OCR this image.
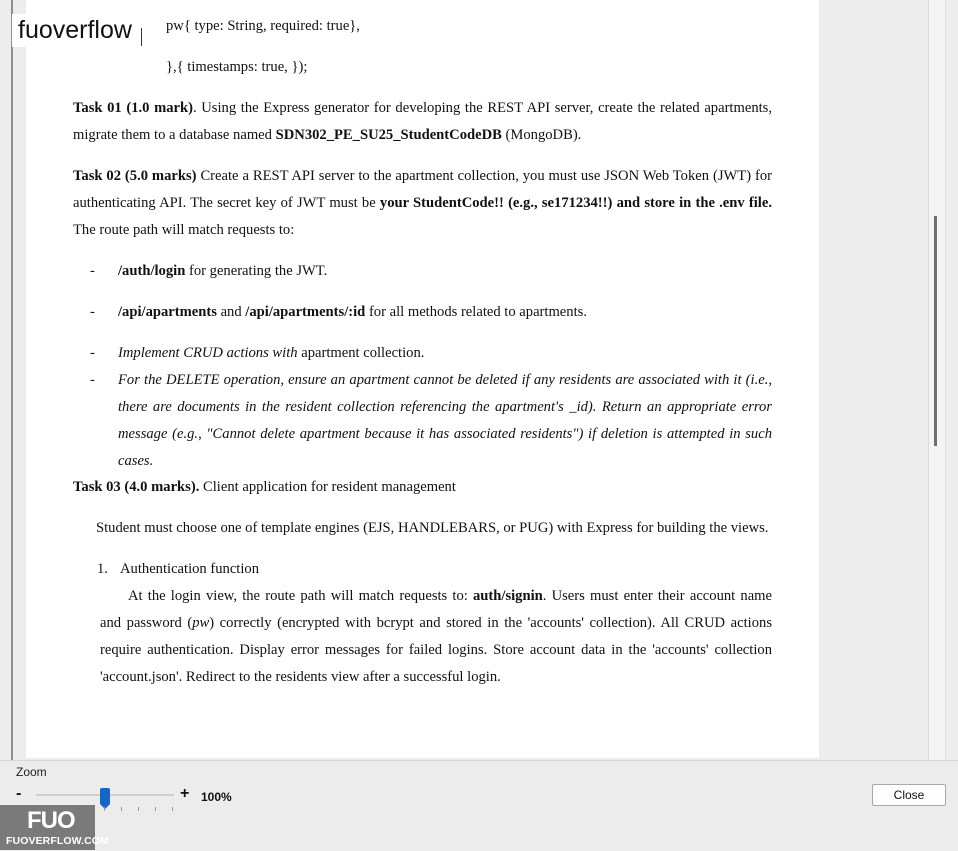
pw{ type: String, required: true},
},{ timestamps: true, });
Task 01 (1.0 mark). Using the Express generator for developing the REST API server, create the related apartments,
migrate them to a database named SDN302_PE_SU25_StudentCodeDB (MongoDB).
Task 02 (5.0 marks) Create a REST API server to the apartment collection, you must use JSON Web Token (JWT) for
authenticating API. The secret key of JWT must be your StudentCode!! (e.g., se171234!!) and store in the .env file.
The route path will match requests to:
- /auth/login for generating the JWT.
- /api/apartments and /api/apartments/:id for all methods related to apartments.
- Implement CRUD actions with apartment collection.
- For the DELETE operation, ensure an apartment cannot be deleted if any residents are associated with it (i.e.,
there are documents in the resident collection referencing the apartment's _id). Return an appropriate error
message (e.g., "Cannot delete apartment because it has associated residents") if deletion is attempted in such
cases.
Task 03 (4.0 marks). Client application for resident management
Student must choose one of template engines (EJS, HANDLEBARS, or PUG) with Express for building the views.
1. Authentication function
At the login view, the route path will match requests to: auth/signin. Users must enter their account name
and password (pw) correctly (encrypted with bcrypt and stored in the 'accounts' collection). All CRUD actions
require authentication. Display error messages for failed logins. Store account data in the 'accounts' collection
'account.json'. Redirect to the residents view after a successful login.
fuoverflow
Zoom
-	+ 100%	Close
FUO
FUOVERFLOW.COM
